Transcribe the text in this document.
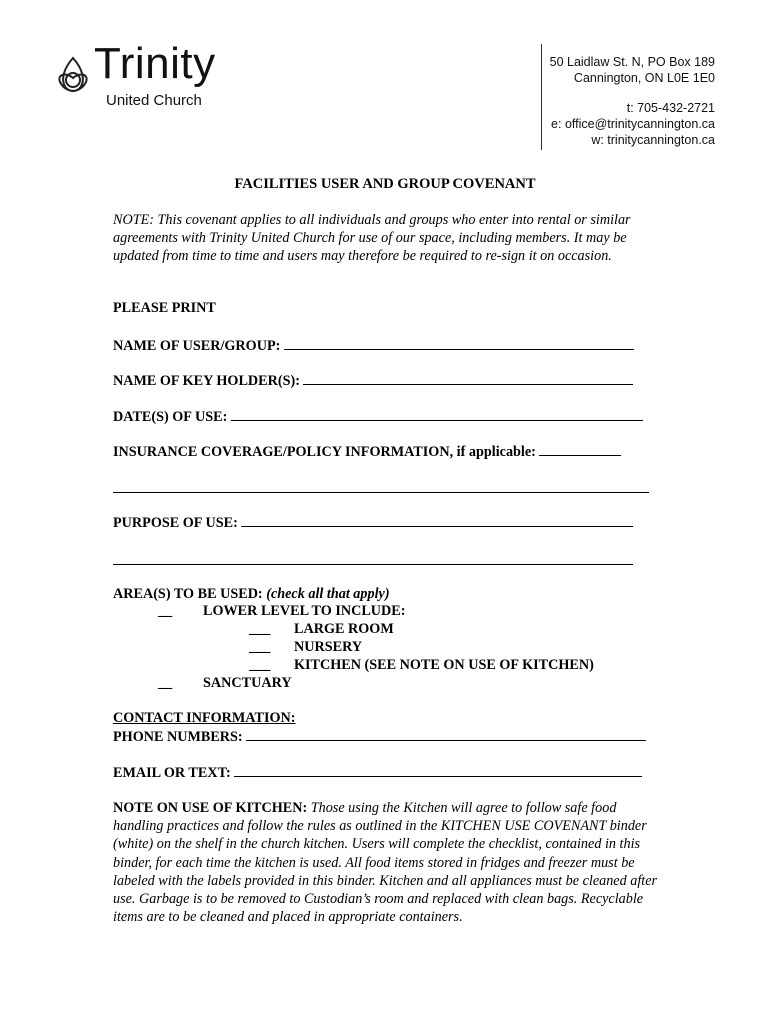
Trinity
United Church
50 Laidlaw St. N, PO Box 189
Cannington, ON L0E 1E0
t: 705-432-2721
e: office@trinitycannington.ca
w: trinitycannington.ca
FACILITIES USER AND GROUP COVENANT
NOTE: This covenant applies to all individuals and groups who enter into rental or similar agreements with Trinity United Church for use of our space, including members. It may be updated from time to time and users may therefore be required to re-sign it on occasion.
PLEASE PRINT
NAME OF USER/GROUP:
NAME OF KEY HOLDER(S):
DATE(S) OF USE:
INSURANCE COVERAGE/POLICY INFORMATION, if applicable:
PURPOSE OF USE:
AREA(S) TO BE USED: (check all that apply)
__ LOWER LEVEL TO INCLUDE:
___ LARGE ROOM
___ NURSERY
___ KITCHEN (SEE NOTE ON USE OF KITCHEN)
__ SANCTUARY
CONTACT INFORMATION:
PHONE NUMBERS:
EMAIL OR TEXT:
NOTE ON USE OF KITCHEN: Those using the Kitchen will agree to follow safe food handling practices and follow the rules as outlined in the KITCHEN USE COVENANT binder (white) on the shelf in the church kitchen. Users will complete the checklist, contained in this binder, for each time the kitchen is used. All food items stored in fridges and freezer must be labeled with the labels provided in this binder. Kitchen and all appliances must be cleaned after use. Garbage is to be removed to Custodian’s room and replaced with clean bags. Recyclable items are to be cleaned and placed in appropriate containers.
